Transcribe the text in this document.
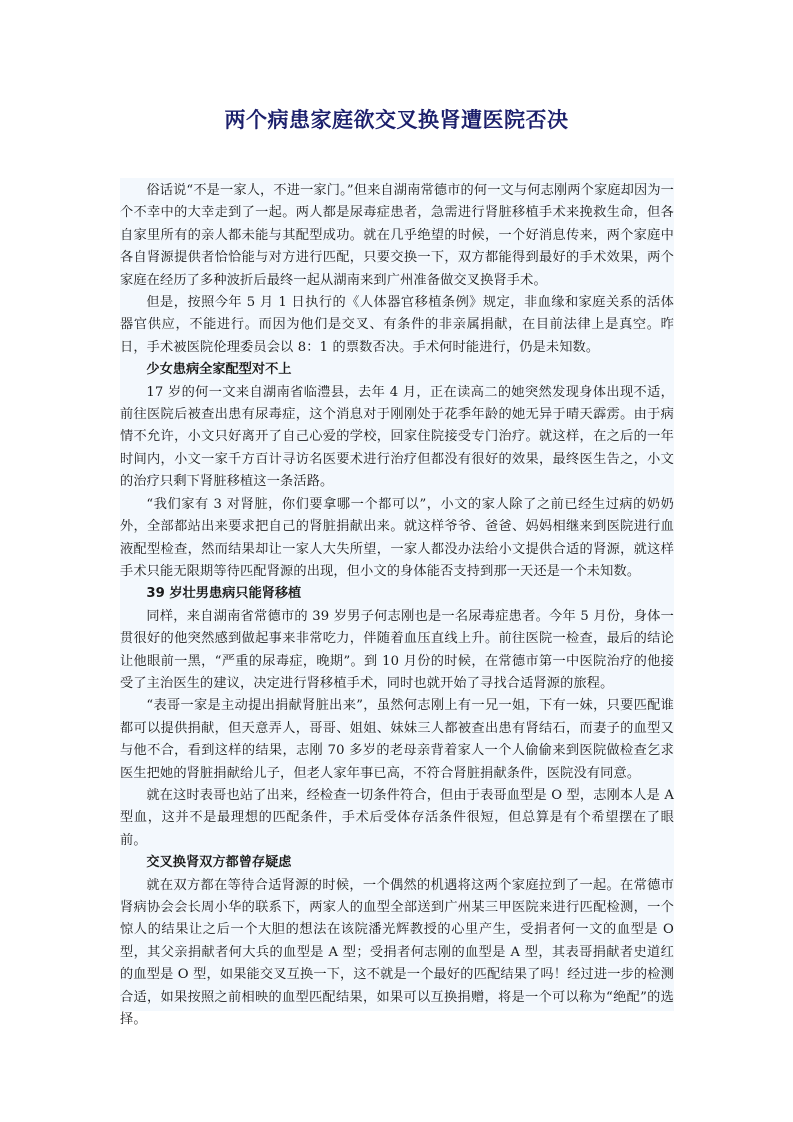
两个病患家庭欲交叉换肾遭医院否决

俗话说“不是一家人，不进一家门。”但来自湖南常德市的何一文与何志刚两个家庭却因为一个不幸中的大幸走到了一起。两人都是尿毒症患者，急需进行肾脏移植手术来挽救生命，但各自家里所有的亲人都未能与其配型成功。就在几乎绝望的时候，一个好消息传来，两个家庭中各自肾源提供者恰恰能与对方进行匹配，只要交换一下，双方都能得到最好的手术效果，两个家庭在经历了多种波折后最终一起从湖南来到广州准备做交叉换肾手术。

但是，按照今年 5 月 1 日执行的《人体器官移植条例》规定，非血缘和家庭关系的活体器官供应，不能进行。而因为他们是交叉、有条件的非亲属捐献，在目前法律上是真空。昨日，手术被医院伦理委员会以 8：1 的票数否决。手术何时能进行，仍是未知数。

少女患病全家配型对不上

17 岁的何一文来自湖南省临澧县，去年 4 月，正在读高二的她突然发现身体出现不适，前往医院后被查出患有尿毒症，这个消息对于刚刚处于花季年龄的她无异于晴天霹雳。由于病情不允许，小文只好离开了自己心爱的学校，回家住院接受专门治疗。就这样，在之后的一年时间内，小文一家千方百计寻访名医要术进行治疗但都没有很好的效果，最终医生告之，小文的治疗只剩下肾脏移植这一条活路。

“我们家有 3 对肾脏，你们要拿哪一个都可以”，小文的家人除了之前已经生过病的奶奶外，全部都站出来要求把自己的肾脏捐献出来。就这样爷爷、爸爸、妈妈相继来到医院进行血液配型检查，然而结果却让一家人大失所望，一家人都没办法给小文提供合适的肾源，就这样手术只能无限期等待匹配肾源的出现，但小文的身体能否支持到那一天还是一个未知数。

39 岁壮男患病只能肾移植

同样，来自湖南省常德市的 39 岁男子何志刚也是一名尿毒症患者。今年 5 月份，身体一贯很好的他突然感到做起事来非常吃力，伴随着血压直线上升。前往医院一检查，最后的结论让他眼前一黑，“严重的尿毒症，晚期”。到 10 月份的时候，在常德市第一中医院治疗的他接受了主治医生的建议，决定进行肾移植手术，同时也就开始了寻找合适肾源的旅程。

“表哥一家是主动提出捐献肾脏出来”，虽然何志刚上有一兄一姐，下有一妹，只要匹配谁都可以提供捐献，但天意弄人，哥哥、姐姐、妹妹三人都被查出患有肾结石，而妻子的血型又与他不合，看到这样的结果，志刚 70 多岁的老母亲背着家人一个人偷偷来到医院做检查乞求医生把她的肾脏捐献给儿子，但老人家年事已高，不符合肾脏捐献条件，医院没有同意。

就在这时表哥也站了出来，经检查一切条件符合，但由于表哥血型是 O 型，志刚本人是 A 型血，这并不是最理想的匹配条件，手术后受体存活条件很短，但总算是有个希望摆在了眼前。

交叉换肾双方都曾存疑虑

就在双方都在等待合适肾源的时候，一个偶然的机遇将这两个家庭拉到了一起。在常德市肾病协会会长周小华的联系下，两家人的血型全部送到广州某三甲医院来进行匹配检测，一个惊人的结果让之后一个大胆的想法在该院潘光辉教授的心里产生，受捐者何一文的血型是 O 型，其父亲捐献者何大兵的血型是 A 型；受捐者何志刚的血型是 A 型，其表哥捐献者史道红的血型是 O 型，如果能交叉互换一下，这不就是一个最好的匹配结果了吗！经过进一步的检测合适，如果按照之前相映的血型匹配结果，如果可以互换捐赠，将是一个可以称为“绝配”的选择。
